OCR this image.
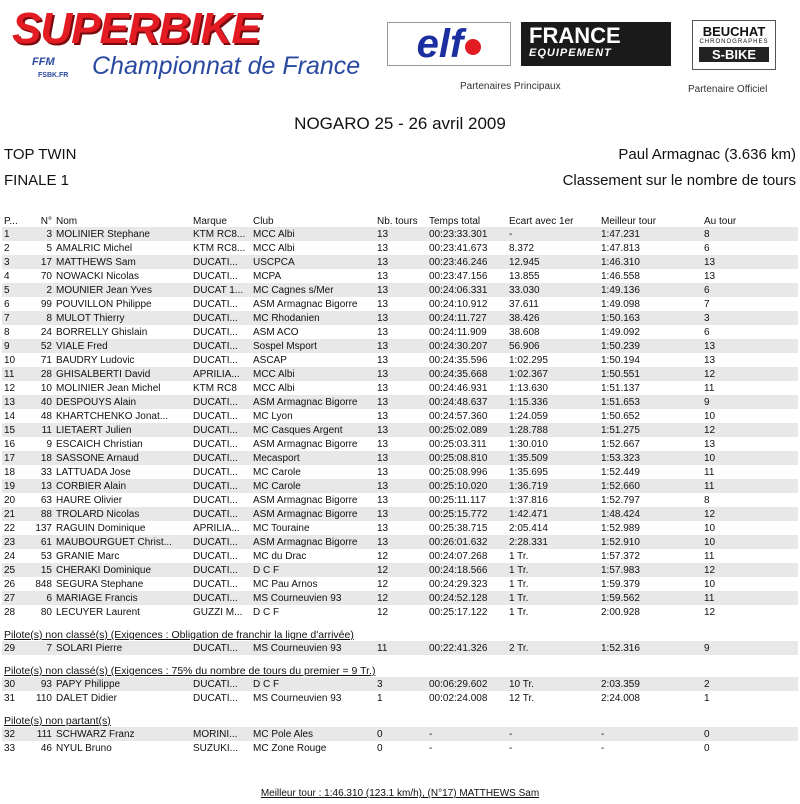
SUPERBIKE
FFM
FSBK.FR Championnat de France
elf	FRANCE
EQUIPEMENT
BEUCHAT
CHRONOGRAPHES
S-BIKE
Partenaires Principaux	Partenaire Officiel
NOGARO 25 - 26 avril 2009
TOP TWIN	Paul Armagnac (3.636 km)
FINALE 1	Classement sur le nombre de tours
P...	N°	Nom	Marque	Club	Nb. tours	Temps total	Ecart avec 1er	Meilleur tour	Au tour
1	3	MOLINIER Stephane	KTM RC8...	MCC Albi	13	00:23:33.301	-	1:47.231	8
2	5	AMALRIC Michel	KTM RC8...	MCC Albi	13	00:23:41.673	8.372	1:47.813	6
3	17	MATTHEWS Sam	DUCATI...	USCPCA	13	00:23:46.246	12.945	1:46.310	13
4	70	NOWACKI Nicolas	DUCATI...	MCPA	13	00:23:47.156	13.855	1:46.558	13
5	2	MOUNIER Jean Yves	DUCAT 1...	MC Cagnes s/Mer	13	00:24:06.331	33.030	1:49.136	6
6	99	POUVILLON Philippe	DUCATI...	ASM Armagnac Bigorre	13	00:24:10.912	37.611	1:49.098	7
7	8	MULOT Thierry	DUCATI...	MC Rhodanien	13	00:24:11.727	38.426	1:50.163	3
8	24	BORRELLY Ghislain	DUCATI...	ASM ACO	13	00:24:11.909	38.608	1:49.092	6
9	52	VIALE Fred	DUCATI...	Sospel Msport	13	00:24:30.207	56.906	1:50.239	13
10	71	BAUDRY Ludovic	DUCATI...	ASCAP	13	00:24:35.596	1:02.295	1:50.194	13
11	28	GHISALBERTI David	APRILIA...	MCC Albi	13	00:24:35.668	1:02.367	1:50.551	12
12	10	MOLINIER Jean Michel	KTM RC8	MCC Albi	13	00:24:46.931	1:13.630	1:51.137	11
13	40	DESPOUYS Alain	DUCATI...	ASM Armagnac Bigorre	13	00:24:48.637	1:15.336	1:51.653	9
14	48	KHARTCHENKO Jonat...	DUCATI...	MC Lyon	13	00:24:57.360	1:24.059	1:50.652	10
15	11	LIETAERT Julien	DUCATI...	MC Casques Argent	13	00:25:02.089	1:28.788	1:51.275	12
16	9	ESCAICH Christian	DUCATI...	ASM Armagnac Bigorre	13	00:25:03.311	1:30.010	1:52.667	13
17	18	SASSONE Arnaud	DUCATI...	Mecasport	13	00:25:08.810	1:35.509	1:53.323	10
18	33	LATTUADA Jose	DUCATI...	MC Carole	13	00:25:08.996	1:35.695	1:52.449	11
19	13	CORBIER Alain	DUCATI...	MC Carole	13	00:25:10.020	1:36.719	1:52.660	11
20	63	HAURE Olivier	DUCATI...	ASM Armagnac Bigorre	13	00:25:11.117	1:37.816	1:52.797	8
21	88	TROLARD Nicolas	DUCATI...	ASM Armagnac Bigorre	13	00:25:15.772	1:42.471	1:48.424	12
22	137	RAGUIN Dominique	APRILIA...	MC Touraine	13	00:25:38.715	2:05.414	1:52.989	10
23	61	MAUBOURGUET Christ...	DUCATI...	ASM Armagnac Bigorre	13	00:26:01.632	2:28.331	1:52.910	10
24	53	GRANIE Marc	DUCATI...	MC du Drac	12	00:24:07.268	1 Tr.	1:57.372	11
25	15	CHERAKI Dominique	DUCATI...	D C F	12	00:24:18.566	1 Tr.	1:57.983	12
26	848	SEGURA Stephane	DUCATI...	MC Pau Arnos	12	00:24:29.323	1 Tr.	1:59.379	10
27	6	MARIAGE Francis	DUCATI...	MS Courneuvien 93	12	00:24:52.128	1 Tr.	1:59.562	11
28	80	LECUYER Laurent	GUZZI M...	D C F	12	00:25:17.122	1 Tr.	2:00.928	12
Pilote(s) non classé(s) (Exigences : Obligation de franchir la ligne d'arrivée)									
29	7	SOLARI Pierre	DUCATI...	MS Courneuvien 93	11	00:22:41.326	2 Tr.	1:52.316	9
Pilote(s) non classé(s) (Exigences : 75% du nombre de tours du premier = 9 Tr.)									
30	93	PAPY Philippe	DUCATI...	D C F	3	00:06:29.602	10 Tr.	2:03.359	2
31	110	DALET Didier	DUCATI...	MS Courneuvien 93	1	00:02:24.008	12 Tr.	2:24.008	1
Pilote(s) non partant(s)									
32	111	SCHWARZ Franz	MORINI...	MC Pole Ales	0	-	-	-	0
33	46	NYUL Bruno	SUZUKI...	MC Zone Rouge	0	-	-	-	0
Meilleur tour : 1:46.310 (123.1 km/h), (N°17) MATTHEWS Sam
